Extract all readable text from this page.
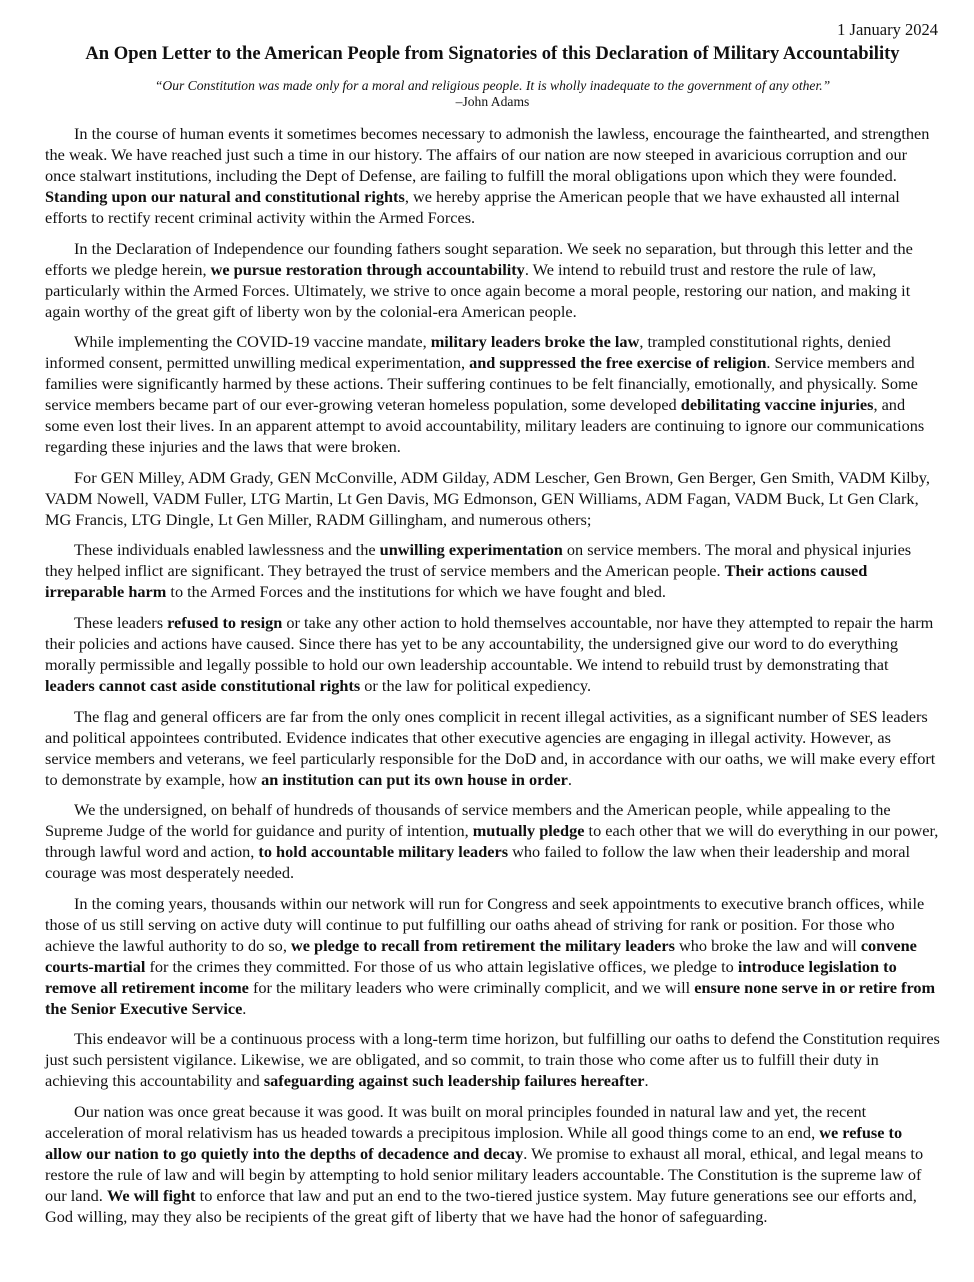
1 January 2024

An Open Letter to the American People from Signatories of this Declaration of Military Accountability

“Our Constitution was made only for a moral and religious people. It is wholly inadequate to the government of any other.”

–John Adams

In the course of human events it sometimes becomes necessary to admonish the lawless, encourage the fainthearted, and strengthen the weak. We have reached just such a time in our history. The affairs of our nation are now steeped in avaricious corruption and our once stalwart institutions, including the Dept of Defense, are failing to fulfill the moral obligations upon which they were founded. Standing upon our natural and constitutional rights, we hereby apprise the American people that we have exhausted all internal efforts to rectify recent criminal activity within the Armed Forces.

In the Declaration of Independence our founding fathers sought separation. We seek no separation, but through this letter and the efforts we pledge herein, we pursue restoration through accountability. We intend to rebuild trust and restore the rule of law, particularly within the Armed Forces. Ultimately, we strive to once again become a moral people, restoring our nation, and making it again worthy of the great gift of liberty won by the colonial-era American people.

While implementing the COVID-19 vaccine mandate, military leaders broke the law, trampled constitutional rights, denied informed consent, permitted unwilling medical experimentation, and suppressed the free exercise of religion. Service members and families were significantly harmed by these actions. Their suffering continues to be felt financially, emotionally, and physically. Some service members became part of our ever-growing veteran homeless population, some developed debilitating vaccine injuries, and some even lost their lives. In an apparent attempt to avoid accountability, military leaders are continuing to ignore our communications regarding these injuries and the laws that were broken.

For GEN Milley, ADM Grady, GEN McConville, ADM Gilday, ADM Lescher, Gen Brown, Gen Berger, Gen Smith, VADM Kilby, VADM Nowell, VADM Fuller, LTG Martin, Lt Gen Davis, MG Edmonson, GEN Williams, ADM Fagan, VADM Buck, Lt Gen Clark, MG Francis, LTG Dingle, Lt Gen Miller, RADM Gillingham, and numerous others;

These individuals enabled lawlessness and the unwilling experimentation on service members. The moral and physical injuries they helped inflict are significant. They betrayed the trust of service members and the American people. Their actions caused irreparable harm to the Armed Forces and the institutions for which we have fought and bled.

These leaders refused to resign or take any other action to hold themselves accountable, nor have they attempted to repair the harm their policies and actions have caused. Since there has yet to be any accountability, the undersigned give our word to do everything morally permissible and legally possible to hold our own leadership accountable. We intend to rebuild trust by demonstrating that leaders cannot cast aside constitutional rights or the law for political expediency.

The flag and general officers are far from the only ones complicit in recent illegal activities, as a significant number of SES leaders and political appointees contributed. Evidence indicates that other executive agencies are engaging in illegal activity. However, as service members and veterans, we feel particularly responsible for the DoD and, in accordance with our oaths, we will make every effort to demonstrate by example, how an institution can put its own house in order.

We the undersigned, on behalf of hundreds of thousands of service members and the American people, while appealing to the Supreme Judge of the world for guidance and purity of intention, mutually pledge to each other that we will do everything in our power, through lawful word and action, to hold accountable military leaders who failed to follow the law when their leadership and moral courage was most desperately needed.

In the coming years, thousands within our network will run for Congress and seek appointments to executive branch offices, while those of us still serving on active duty will continue to put fulfilling our oaths ahead of striving for rank or position. For those who achieve the lawful authority to do so, we pledge to recall from retirement the military leaders who broke the law and will convene courts-martial for the crimes they committed. For those of us who attain legislative offices, we pledge to introduce legislation to remove all retirement income for the military leaders who were criminally complicit, and we will ensure none serve in or retire from the Senior Executive Service.

This endeavor will be a continuous process with a long-term time horizon, but fulfilling our oaths to defend the Constitution requires just such persistent vigilance. Likewise, we are obligated, and so commit, to train those who come after us to fulfill their duty in achieving this accountability and safeguarding against such leadership failures hereafter.

Our nation was once great because it was good. It was built on moral principles founded in natural law and yet, the recent acceleration of moral relativism has us headed towards a precipitous implosion. While all good things come to an end, we refuse to allow our nation to go quietly into the depths of decadence and decay. We promise to exhaust all moral, ethical, and legal means to restore the rule of law and will begin by attempting to hold senior military leaders accountable. The Constitution is the supreme law of our land. We will fight to enforce that law and put an end to the two-tiered justice system. May future generations see our efforts and, God willing, may they also be recipients of the great gift of liberty that we have had the honor of safeguarding.
